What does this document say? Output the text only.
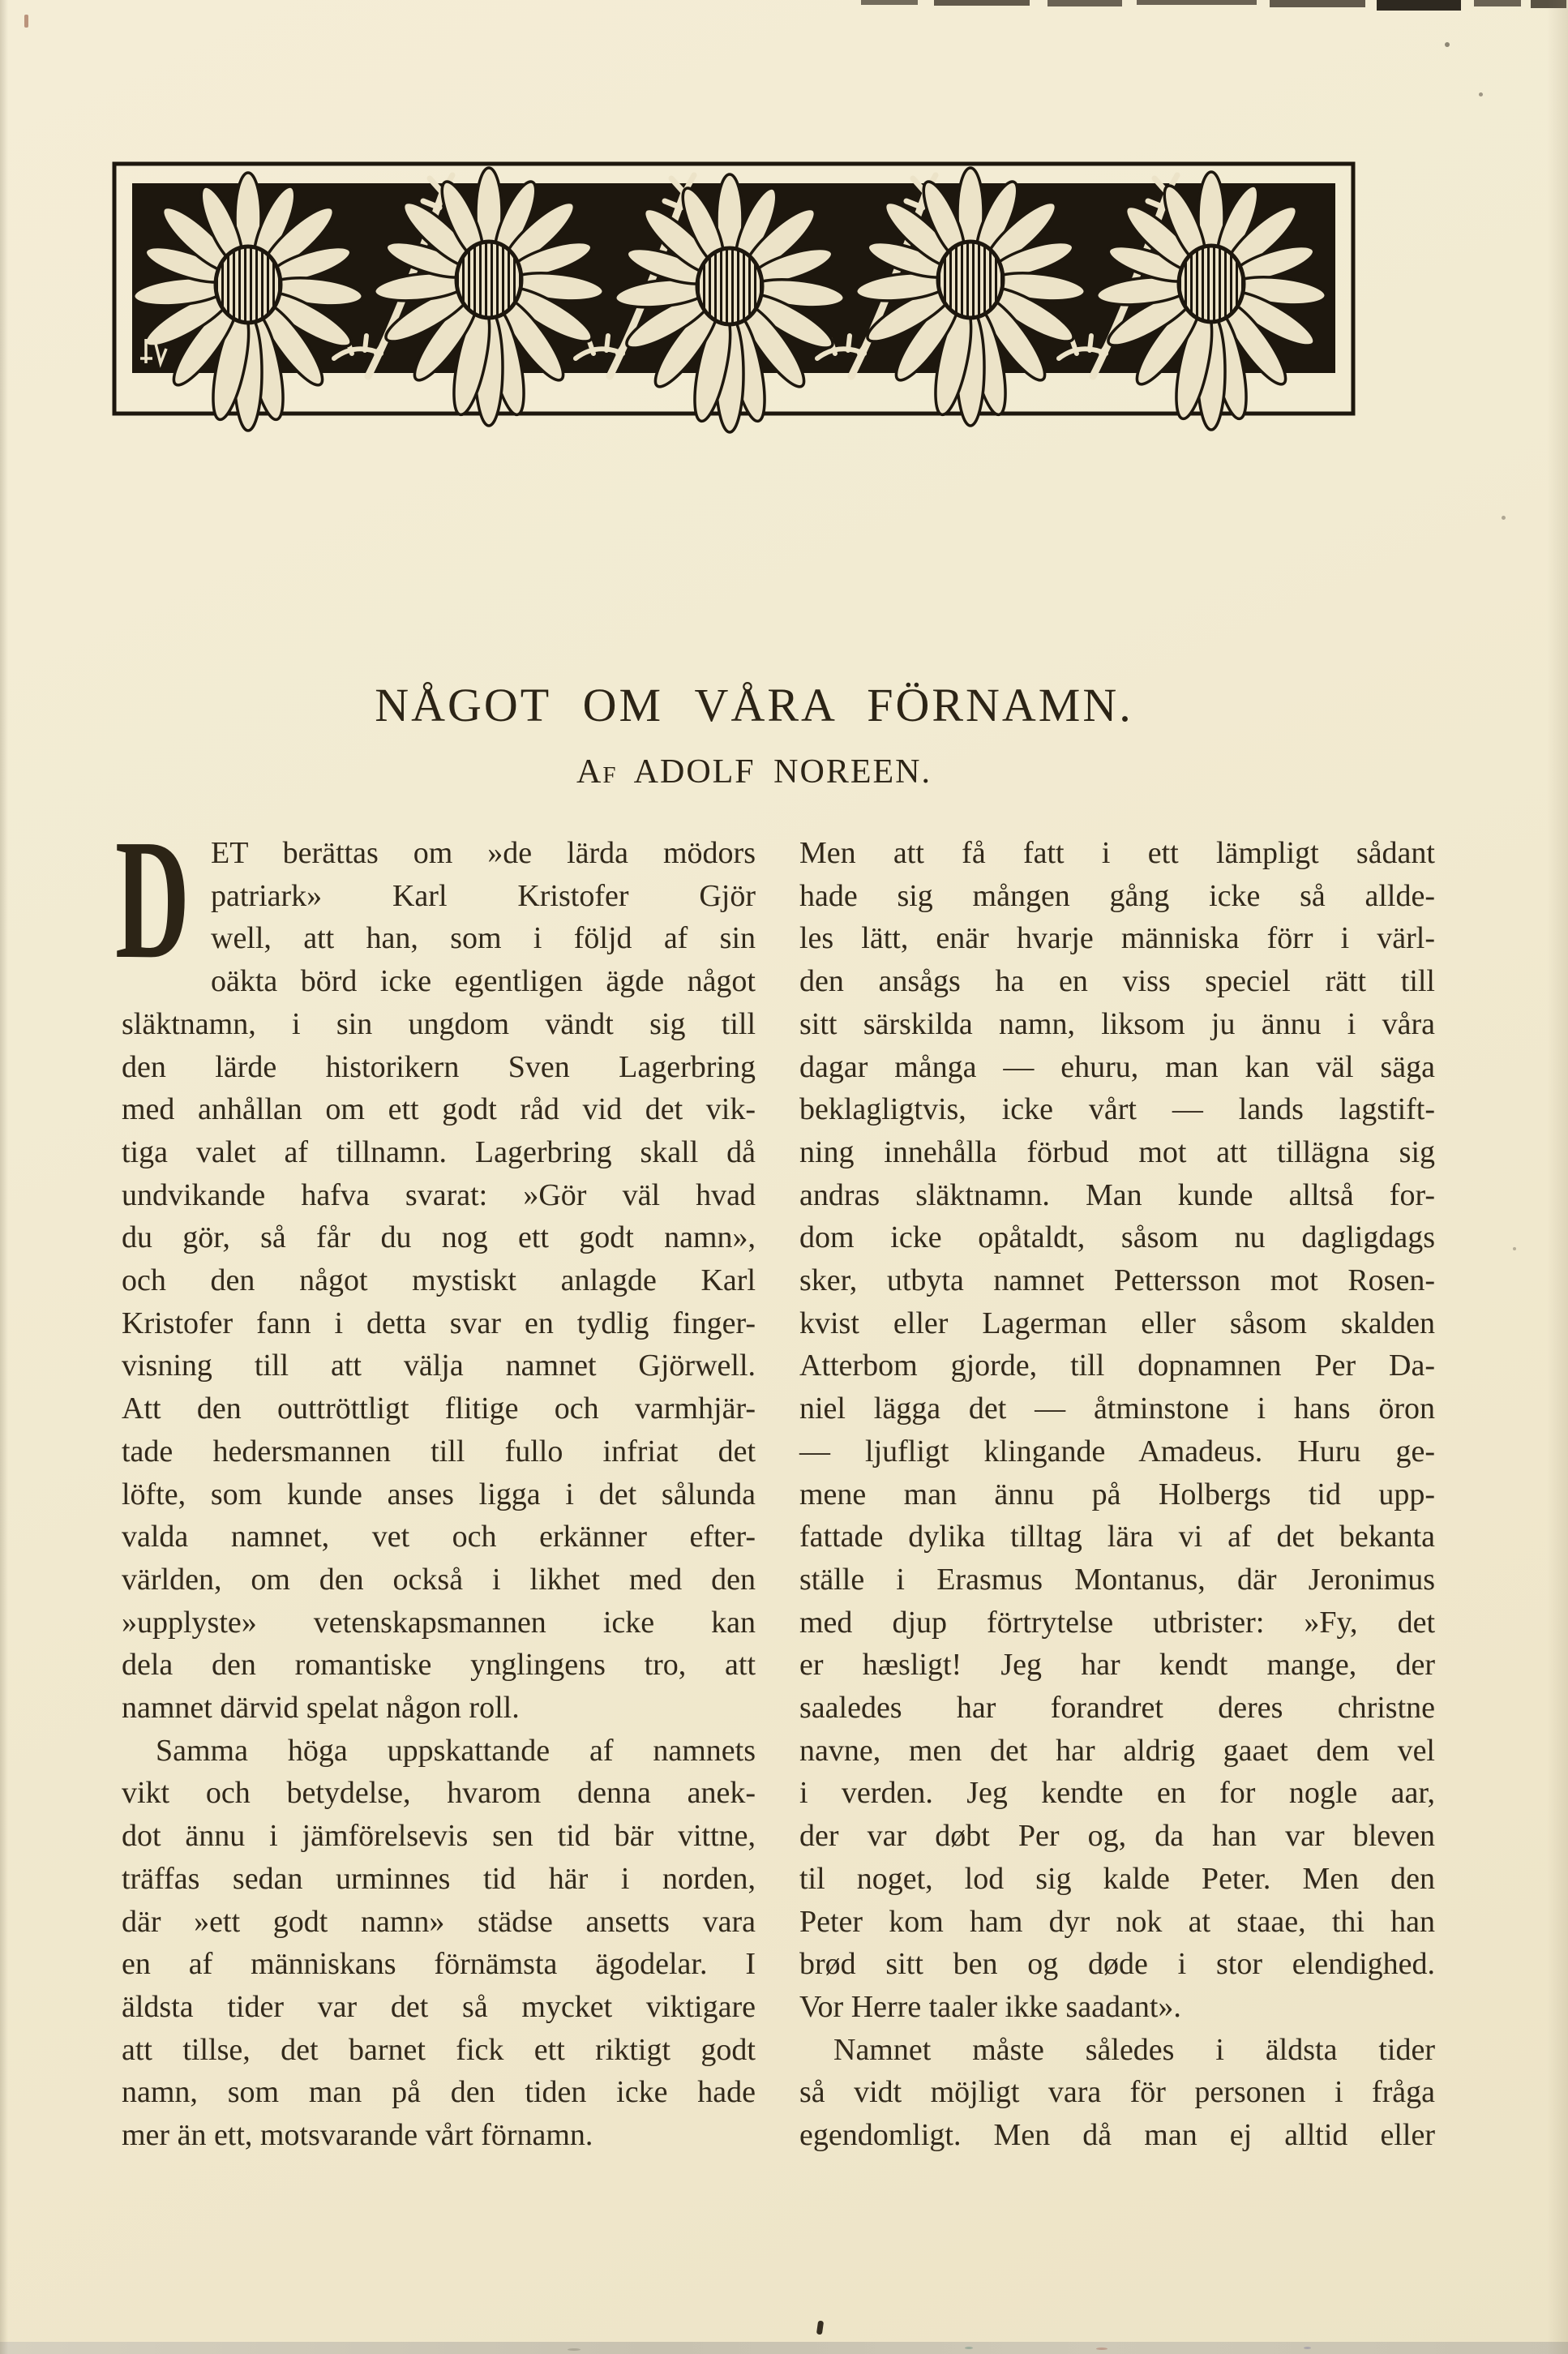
NÅGOT OM VÅRA FÖRNAMN.
Af ADOLF NOREEN.
D ET berättas om »de lärda mödors
patriark» Karl Kristofer Gjör
well, att han, som i följd af sin
oäkta börd icke egentligen ägde något
släktnamn, i sin ungdom vändt sig till
den lärde historikern Sven Lagerbring
med anhållan om ett godt råd vid det vik-
tiga valet af tillnamn. Lagerbring skall då
undvikande hafva svarat: »Gör väl hvad
du gör, så får du nog ett godt namn»,
och den något mystiskt anlagde Karl
Kristofer fann i detta svar en tydlig finger-
visning till att välja namnet Gjörwell.
Att den outtröttligt flitige och varmhjär-
tade hedersmannen till fullo infriat det
löfte, som kunde anses ligga i det sålunda
valda namnet, vet och erkänner efter-
världen, om den också i likhet med den
»upplyste» vetenskapsmannen icke kan
dela den romantiske ynglingens tro, att
namnet därvid spelat någon roll.
Samma höga uppskattande af namnets
vikt och betydelse, hvarom denna anek-
dot ännu i jämförelsevis sen tid bär vittne,
träffas sedan urminnes tid här i norden,
där »ett godt namn» städse ansetts vara
en af människans förnämsta ägodelar. I
äldsta tider var det så mycket viktigare
att tillse, det barnet fick ett riktigt godt
namn, som man på den tiden icke hade
mer än ett, motsvarande vårt förnamn.
Men att få fatt i ett lämpligt sådant
hade sig mången gång icke så allde-
les lätt, enär hvarje människa förr i värl-
den ansågs ha en viss speciel rätt till
sitt särskilda namn, liksom ju ännu i våra
dagar många — ehuru, man kan väl säga
beklagligtvis, icke vårt — lands lagstift-
ning innehålla förbud mot att tillägna sig
andras släktnamn. Man kunde alltså for-
dom icke opåtaldt, såsom nu dagligdags
sker, utbyta namnet Pettersson mot Rosen-
kvist eller Lagerman eller såsom skalden
Atterbom gjorde, till dopnamnen Per Da-
niel lägga det — åtminstone i hans öron
— ljufligt klingande Amadeus. Huru ge-
mene man ännu på Holbergs tid upp-
fattade dylika tilltag lära vi af det bekanta
ställe i Erasmus Montanus, där Jeronimus
med djup förtrytelse utbrister: »Fy, det
er hæsligt! Jeg har kendt mange, der
saaledes har forandret deres christne
navne, men det har aldrig gaaet dem vel
i verden. Jeg kendte en for nogle aar,
der var døbt Per og, da han var bleven
til noget, lod sig kalde Peter. Men den
Peter kom ham dyr nok at staae, thi han
brød sitt ben og døde i stor elendighed.
Vor Herre taaler ikke saadant».
Namnet måste således i äldsta tider
så vidt möjligt vara för personen i fråga
egendomligt. Men då man ej alltid eller
